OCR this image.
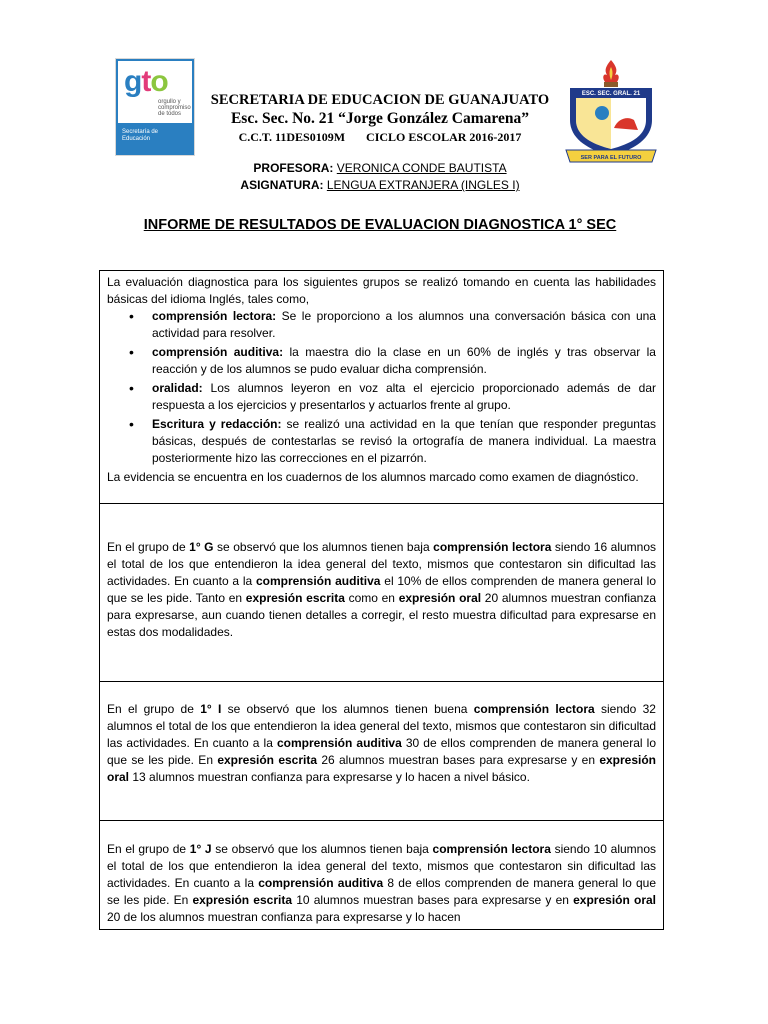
gto
orgullo y
compromiso
de todos
Secretaría de
Educación
ESC. SEC. GRAL. 21
SER PARA EL FUTURO
SECRETARIA DE EDUCACION DE GUANAJUATO
Esc. Sec. No. 21 “Jorge González Camarena”
C.C.T. 11DES0109M CICLO ESCOLAR 2016-2017
PROFESORA: VERONICA CONDE BAUTISTA
ASIGNATURA: LENGUA EXTRANJERA (INGLES I)
INFORME DE RESULTADOS DE EVALUACION DIAGNOSTICA 1° SEC

La evaluación diagnostica para los siguientes grupos se realizó tomando en cuenta las habilidades básicas del idioma Inglés, tales como,

• comprensión lectora: Se le proporciono a los alumnos una conversación básica con una actividad para resolver.
• comprensión auditiva: la maestra dio la clase en un 60% de inglés y tras observar la reacción y de los alumnos se pudo evaluar dicha comprensión.
• oralidad: Los alumnos leyeron en voz alta el ejercicio proporcionado además de dar respuesta a los ejercicios y presentarlos y actuarlos frente al grupo.
• Escritura y redacción: se realizó una actividad en la que tenían que responder preguntas básicas, después de contestarlas se revisó la ortografía de manera individual. La maestra posteriormente hizo las correcciones en el pizarrón.

La evidencia se encuentra en los cuadernos de los alumnos marcado como examen de diagnóstico.

En el grupo de 1° G se observó que los alumnos tienen baja comprensión lectora siendo 16 alumnos el total de los que entendieron la idea general del texto, mismos que contestaron sin dificultad las actividades. En cuanto a la comprensión auditiva el 10% de ellos comprenden de manera general lo que se les pide. Tanto en expresión escrita como en expresión oral 20 alumnos muestran confianza para expresarse, aun cuando tienen detalles a corregir, el resto muestra dificultad para expresarse en estas dos modalidades.

En el grupo de 1° I se observó que los alumnos tienen buena comprensión lectora siendo 32 alumnos el total de los que entendieron la idea general del texto, mismos que contestaron sin dificultad las actividades. En cuanto a la comprensión auditiva 30 de ellos comprenden de manera general lo que se les pide. En expresión escrita 26 alumnos muestran bases para expresarse y en expresión oral 13 alumnos muestran confianza para expresarse y lo hacen a nivel básico.

En el grupo de 1° J se observó que los alumnos tienen baja comprensión lectora siendo 10 alumnos el total de los que entendieron la idea general del texto, mismos que contestaron sin dificultad las actividades. En cuanto a la comprensión auditiva 8 de ellos comprenden de manera general lo que se les pide. En expresión escrita 10 alumnos muestran bases para expresarse y en expresión oral 20 de los alumnos muestran confianza para expresarse y lo hacen
